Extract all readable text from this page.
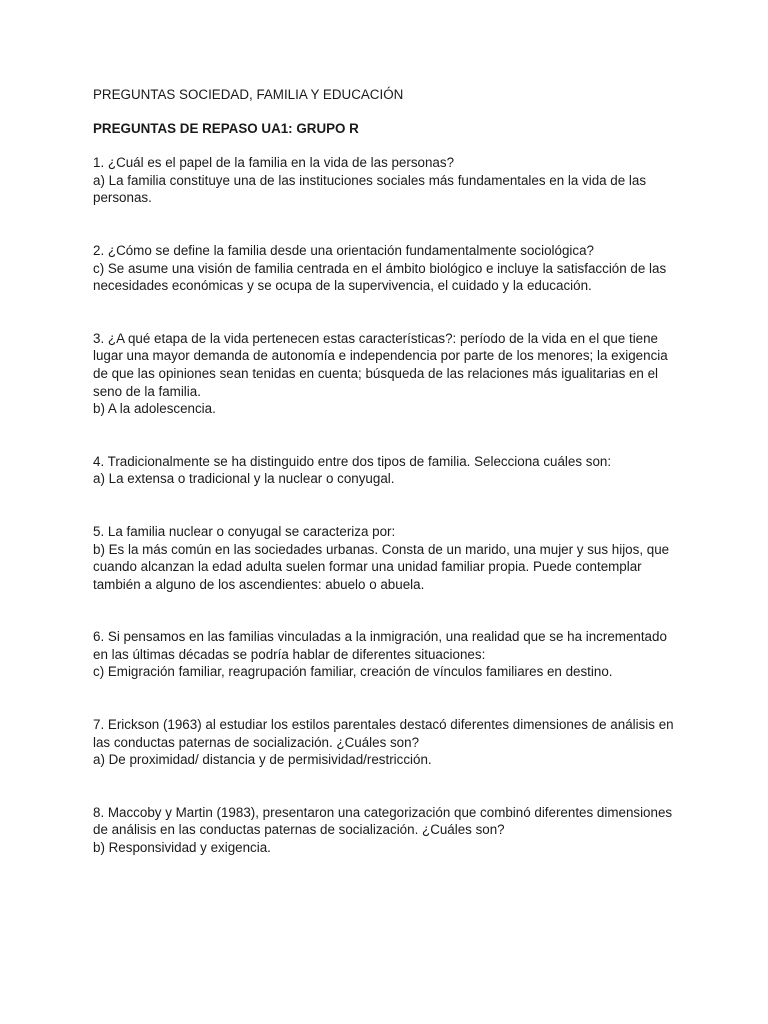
PREGUNTAS SOCIEDAD, FAMILIA Y EDUCACIÓN
PREGUNTAS DE REPASO UA1: GRUPO R

1. ¿Cuál es el papel de la familia en la vida de las personas?

a) La familia constituye una de las instituciones sociales más fundamentales en la vida de las personas.

2. ¿Cómo se define la familia desde una orientación fundamentalmente sociológica?

c) Se asume una visión de familia centrada en el ámbito biológico e incluye la satisfacción de las necesidades económicas y se ocupa de la supervivencia, el cuidado y la educación.

3. ¿A qué etapa de la vida pertenecen estas características?: período de la vida en el que tiene lugar una mayor demanda de autonomía e independencia por parte de los menores; la exigencia de que las opiniones sean tenidas en cuenta; búsqueda de las relaciones más igualitarias en el seno de la familia.

b) A la adolescencia.

4. Tradicionalmente se ha distinguido entre dos tipos de familia. Selecciona cuáles son:

a) La extensa o tradicional y la nuclear o conyugal.

5. La familia nuclear o conyugal se caracteriza por:

b) Es la más común en las sociedades urbanas. Consta de un marido, una mujer y sus hijos, que cuando alcanzan la edad adulta suelen formar una unidad familiar propia. Puede contemplar también a alguno de los ascendientes: abuelo o abuela.

6. Si pensamos en las familias vinculadas a la inmigración, una realidad que se ha incrementado en las últimas décadas se podría hablar de diferentes situaciones:

c) Emigración familiar, reagrupación familiar, creación de vínculos familiares en destino.

7. Erickson (1963) al estudiar los estilos parentales destacó diferentes dimensiones de análisis en las conductas paternas de socialización. ¿Cuáles son?

a) De proximidad/ distancia y de permisividad/restricción.

8. Maccoby y Martin (1983), presentaron una categorización que combinó diferentes dimensiones de análisis en las conductas paternas de socialización. ¿Cuáles son?

b) Responsividad y exigencia.
